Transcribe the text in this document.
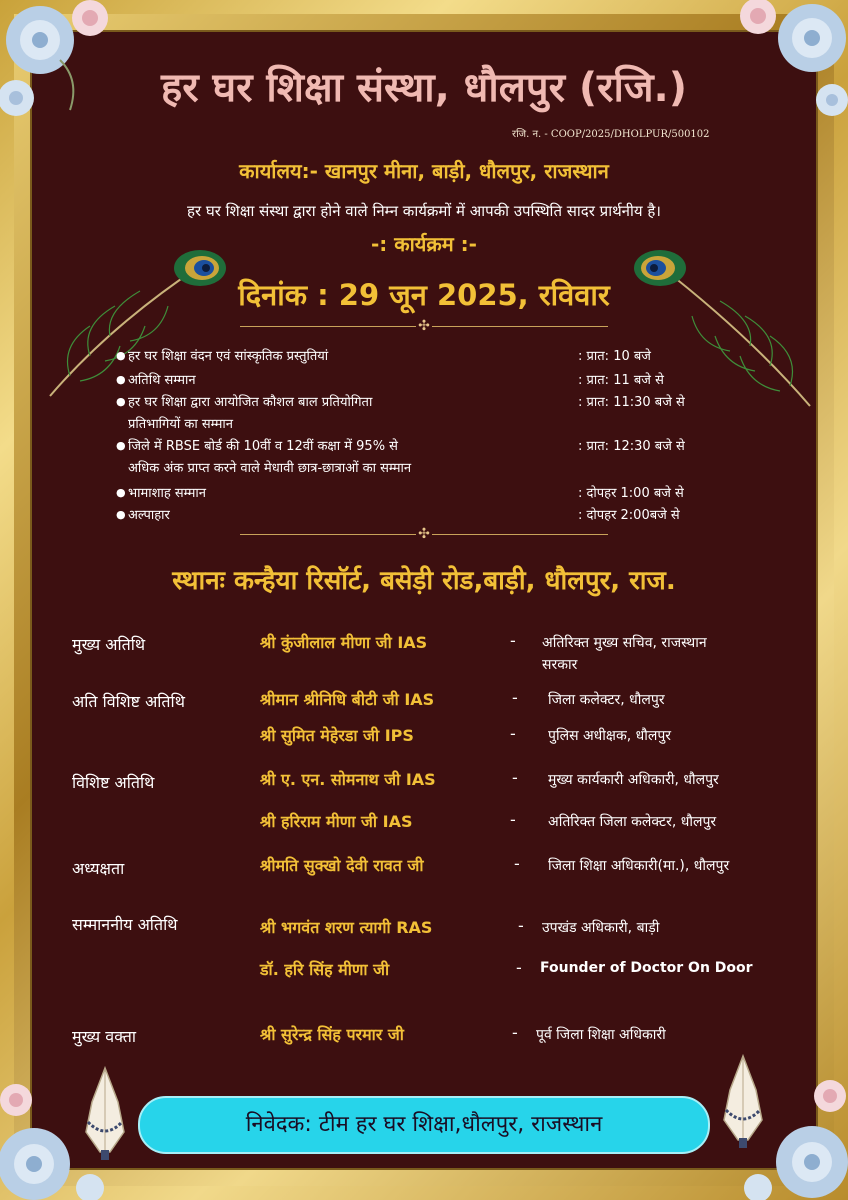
हर घर शिक्षा संस्था, धौलपुर (रजि.)
रजि. न. - COOP/2025/DHOLPUR/500102
कार्यालय:- खानपुर मीना, बाड़ी, धौलपुर, राजस्थान
हर घर शिक्षा संस्था द्वारा होने वाले निम्न कार्यक्रमों में आपकी उपस्थिति सादर प्रार्थनीय है।
-: कार्यक्रम :-
दिनांक : 29 जून 2025, रविवार
✣
● हर घर शिक्षा वंदन एवं सांस्कृतिक प्रस्तुतियां	: प्रात: 10 बजे
● अतिथि सम्मान	: प्रात: 11 बजे से
● हर घर शिक्षा द्वारा आयोजित कौशल बाल प्रतियोगिता
प्रतिभागियों का सम्मान
: प्रात: 11:30 बजे से
● जिले में RBSE बोर्ड की 10वीं व 12वीं कक्षा में 95% से
अधिक अंक प्राप्त करने वाले मेधावी छात्र-छात्राओं का सम्मान
: प्रात: 12:30 बजे से
● भामाशाह सम्मान	: दोपहर 1:00 बजे से
● अल्पाहार	: दोपहर 2:00बजे से
✣
स्थानः कन्हैया रिसॉर्ट, बसेड़ी रोड,बाड़ी, धौलपुर, राज.
मुख्य अतिथि	श्री कुंजीलाल मीणा जी IAS	- अतिरिक्त मुख्य सचिव, राजस्थान
सरकार
अति विशिष्ट अतिथि	श्रीमान श्रीनिधि बीटी जी IAS	- जिला कलेक्टर, धौलपुर
श्री सुमित मेहेरडा जी IPS	- पुलिस अधीक्षक, धौलपुर
विशिष्ट अतिथि	श्री ए. एन. सोमनाथ जी IAS	- मुख्य कार्यकारी अधिकारी, धौलपुर
श्री हरिराम मीणा जी IAS	- अतिरिक्त जिला कलेक्टर, धौलपुर
अध्यक्षता	श्रीमति सुक्खो देवी रावत जी	- जिला शिक्षा अधिकारी(मा.), धौलपुर
सम्माननीय अतिथि	श्री भगवंत शरण त्यागी RAS	- उपखंड अधिकारी, बाड़ी
डॉ. हरि सिंह मीणा जी	- Founder of Doctor On Door
मुख्य वक्ता	श्री सुरेन्द्र सिंह परमार जी	- पूर्व जिला शिक्षा अधिकारी
निवेदक: टीम हर घर शिक्षा,धौलपुर, राजस्थान
